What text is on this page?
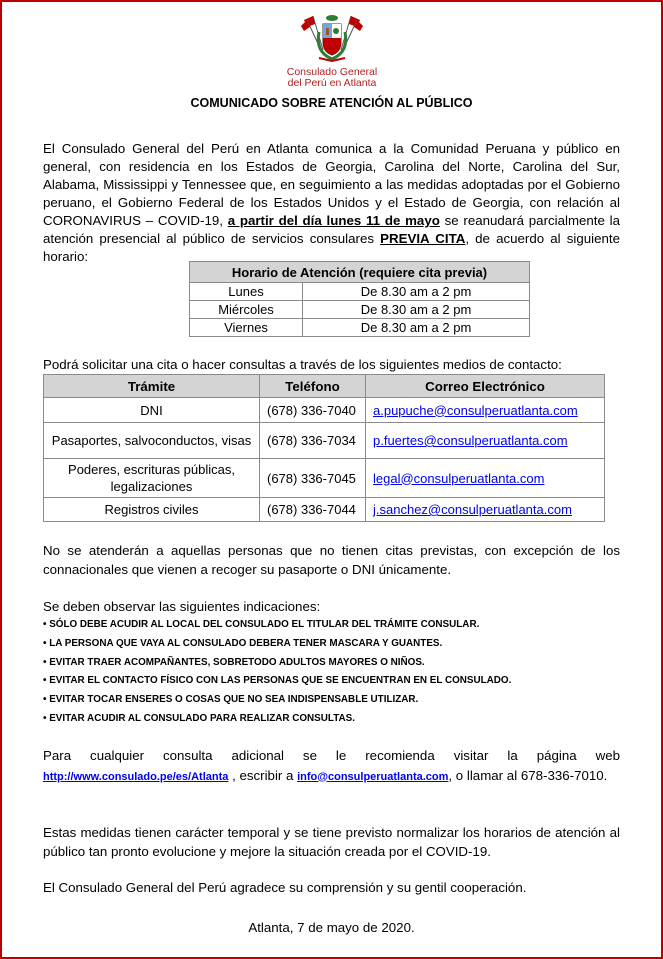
Consulado General
del Perú en Atlanta
COMUNICADO SOBRE ATENCIÓN AL PÚBLICO
El Consulado General del Perú en Atlanta comunica a la Comunidad Peruana y público en general, con residencia en los Estados de Georgia, Carolina del Norte, Carolina del Sur, Alabama, Mississippi y Tennessee que, en seguimiento a las medidas adoptadas por el Gobierno peruano, el Gobierno Federal de los Estados Unidos y el Estado de Georgia, con relación al CORONAVIRUS – COVID-19, a partir del día lunes 11 de mayo se reanudará parcialmente la atención presencial al público de servicios consulares PREVIA CITA, de acuerdo al siguiente horario:
Horario de Atención (requiere cita previa)	
Lunes	De 8.30 am a 2 pm
Miércoles	De 8.30 am a 2 pm
Viernes	De 8.30 am a 2 pm
Podrá solicitar una cita o hacer consultas a través de los siguientes medios de contacto:
Trámite	Teléfono	Correo Electrónico
DNI	(678) 336-7040	a.pupuche@consulperuatlanta.com
Pasaportes, salvoconductos, visas	(678) 336-7034	p.fuertes@consulperuatlanta.com
Poderes, escrituras públicas, legalizaciones	(678) 336-7045	legal@consulperuatlanta.com
Registros civiles	(678) 336-7044	j.sanchez@consulperuatlanta.com
No se atenderán a aquellas personas que no tienen citas previstas, con excepción de los connacionales que vienen a recoger su pasaporte o DNI únicamente.
Se deben observar las siguientes indicaciones:
• SÓLO DEBE ACUDIR AL LOCAL DEL CONSULADO EL TITULAR DEL TRÁMITE CONSULAR.
• LA PERSONA QUE VAYA AL CONSULADO DEBERA TENER MASCARA Y GUANTES.
• EVITAR TRAER ACOMPAÑANTES, SOBRETODO ADULTOS MAYORES O NIÑOS.
• EVITAR EL CONTACTO FÍSICO CON LAS PERSONAS QUE SE ENCUENTRAN EN EL CONSULADO.
• EVITAR TOCAR ENSERES O COSAS QUE NO SEA INDISPENSABLE UTILIZAR.
• EVITAR ACUDIR AL CONSULADO PARA REALIZAR CONSULTAS.
Para cualquier consulta adicional se le recomienda visitar la página web http://www.consulado.pe/es/Atlanta , escribir a info@consulperuatlanta.com, o llamar al 678-336-7010.
Estas medidas tienen carácter temporal y se tiene previsto normalizar los horarios de atención al público tan pronto evolucione y mejore la situación creada por el COVID-19.
El Consulado General del Perú agradece su comprensión y su gentil cooperación.
Atlanta, 7 de mayo de 2020.
